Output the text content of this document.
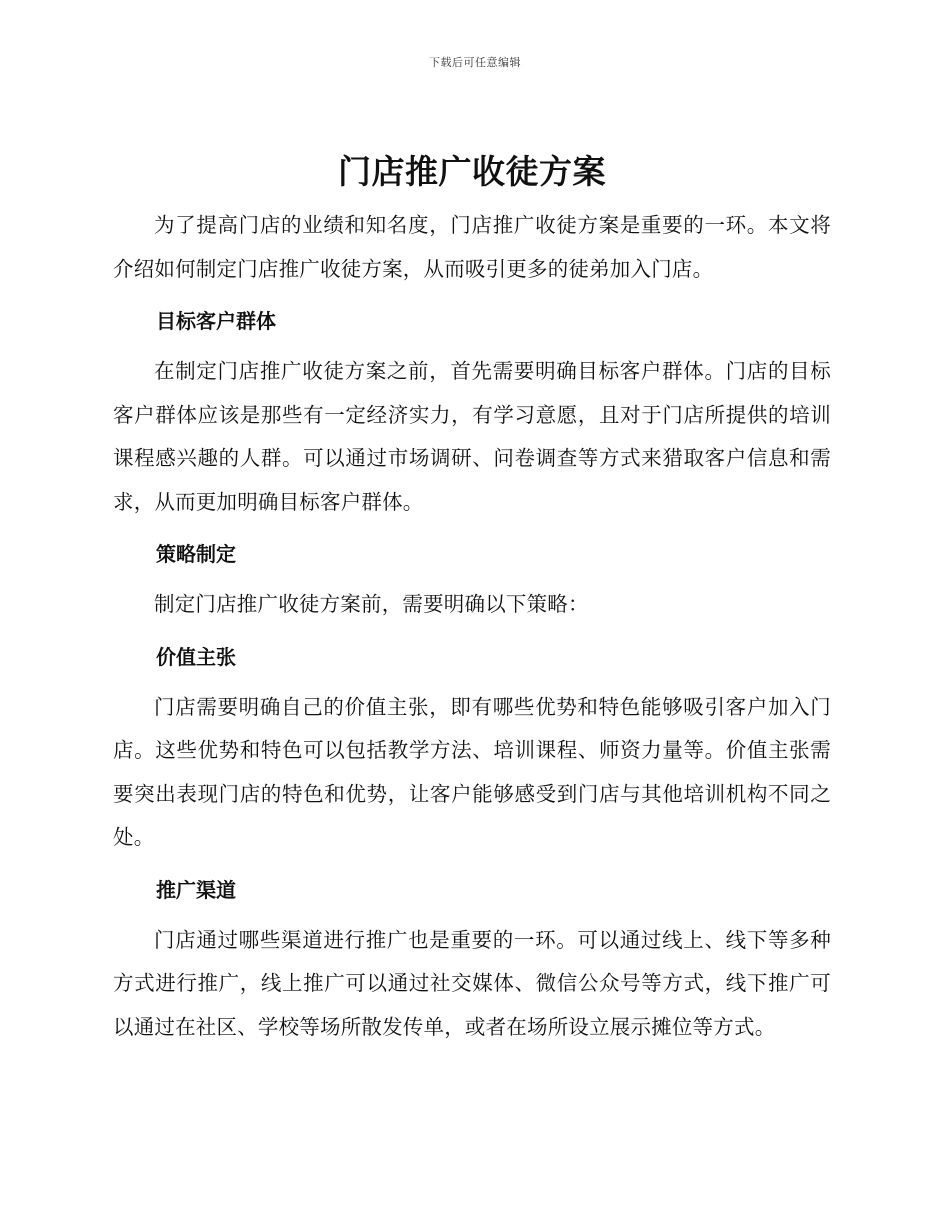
下载后可任意编辑
门店推广收徒方案

为了提高门店的业绩和知名度，门店推广收徒方案是重要的一环。本文将介绍如何制定门店推广收徒方案，从而吸引更多的徒弟加入门店。

目标客户群体

在制定门店推广收徒方案之前，首先需要明确目标客户群体。门店的目标客户群体应该是那些有一定经济实力，有学习意愿，且对于门店所提供的培训课程感兴趣的人群。可以通过市场调研、问卷调查等方式来猎取客户信息和需求，从而更加明确目标客户群体。

策略制定

制定门店推广收徒方案前，需要明确以下策略：

价值主张

门店需要明确自己的价值主张，即有哪些优势和特色能够吸引客户加入门店。这些优势和特色可以包括教学方法、培训课程、师资力量等。价值主张需要突出表现门店的特色和优势，让客户能够感受到门店与其他培训机构不同之处。

推广渠道

门店通过哪些渠道进行推广也是重要的一环。可以通过线上、线下等多种方式进行推广，线上推广可以通过社交媒体、微信公众号等方式，线下推广可以通过在社区、学校等场所散发传单，或者在场所设立展示摊位等方式。
